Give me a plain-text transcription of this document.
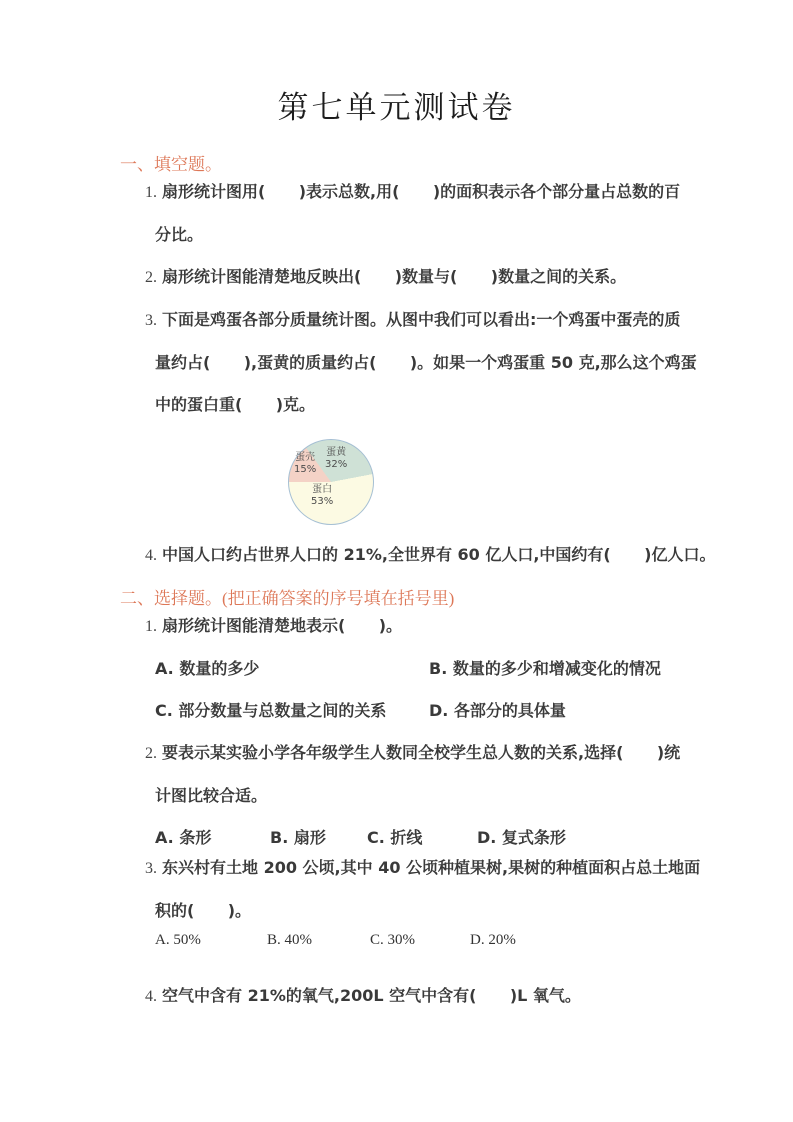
第七单元测试卷
一、填空题。
1. 扇形统计图用(      )表示总数,用(      )的面积表示各个部分量占总数的百
分比。
2. 扇形统计图能清楚地反映出(      )数量与(      )数量之间的关系。
3. 下面是鸡蛋各部分质量统计图。从图中我们可以看出:一个鸡蛋中蛋壳的质
量约占(      ),蛋黄的质量约占(      )。如果一个鸡蛋重 50 克,那么这个鸡蛋
中的蛋白重(      )克。
蛋壳
15%
蛋黄
32%
蛋白
53%
4. 中国人口约占世界人口的 21%,全世界有 60 亿人口,中国约有(      )亿人口。
二、选择题。(把正确答案的序号填在括号里)
1. 扇形统计图能清楚地表示(      )。
A. 数量的多少	B. 数量的多少和增减变化的情况
C. 部分数量与总数量之间的关系	D. 各部分的具体量
2. 要表示某实验小学各年级学生人数同全校学生总人数的关系,选择(      )统
计图比较合适。
A. 条形	B. 扇形	C. 折线	D. 复式条形
3. 东兴村有土地 200 公顷,其中 40 公顷种植果树,果树的种植面积占总土地面
积的(      )。
A. 50%	B. 40%	C. 30%	D. 20%
4. 空气中含有 21%的氧气,200L 空气中含有(      )L 氧气。
